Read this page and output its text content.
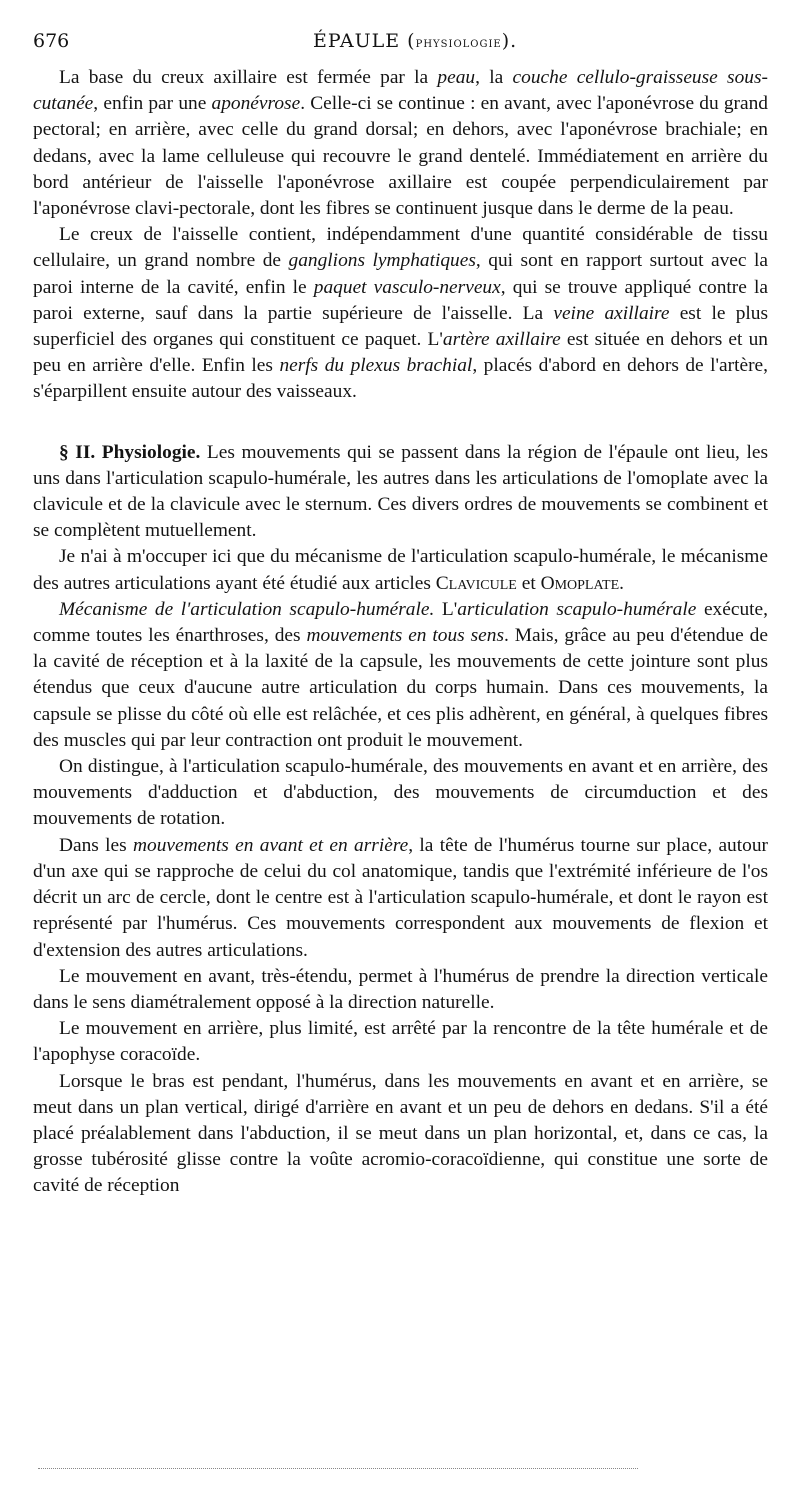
676	ÉPAULE (physiologie).

La base du creux axillaire est fermée par la peau, la couche cellulo-graisseuse sous-cutanée, enfin par une aponévrose. Celle-ci se continue : en avant, avec l'aponévrose du grand pectoral; en arrière, avec celle du grand dorsal; en dehors, avec l'aponévrose brachiale; en dedans, avec la lame celluleuse qui recouvre le grand dentelé. Immédiatement en arrière du bord antérieur de l'aisselle l'aponévrose axillaire est coupée perpendiculairement par l'aponévrose clavi-pectorale, dont les fibres se continuent jusque dans le derme de la peau.

Le creux de l'aisselle contient, indépendamment d'une quantité considérable de tissu cellulaire, un grand nombre de ganglions lymphatiques, qui sont en rapport surtout avec la paroi interne de la cavité, enfin le paquet vasculo-nerveux, qui se trouve appliqué contre la paroi externe, sauf dans la partie supérieure de l'aisselle. La veine axillaire est le plus superficiel des organes qui constituent ce paquet. L'artère axillaire est située en dehors et un peu en arrière d'elle. Enfin les nerfs du plexus brachial, placés d'abord en dehors de l'artère, s'éparpillent ensuite autour des vaisseaux.

§ II. Physiologie. Les mouvements qui se passent dans la région de l'épaule ont lieu, les uns dans l'articulation scapulo-humérale, les autres dans les articulations de l'omoplate avec la clavicule et de la clavicule avec le sternum. Ces divers ordres de mouvements se combinent et se complètent mutuellement.

Je n'ai à m'occuper ici que du mécanisme de l'articulation scapulo-humérale, le mécanisme des autres articulations ayant été étudié aux articles Clavicule et Omoplate.

Mécanisme de l'articulation scapulo-humérale. L'articulation scapulo-humérale exécute, comme toutes les énarthroses, des mouvements en tous sens. Mais, grâce au peu d'étendue de la cavité de réception et à la laxité de la capsule, les mouvements de cette jointure sont plus étendus que ceux d'aucune autre articulation du corps humain. Dans ces mouvements, la capsule se plisse du côté où elle est relâchée, et ces plis adhèrent, en général, à quelques fibres des muscles qui par leur contraction ont produit le mouvement.

On distingue, à l'articulation scapulo-humérale, des mouvements en avant et en arrière, des mouvements d'adduction et d'abduction, des mouvements de circumduction et des mouvements de rotation.

Dans les mouvements en avant et en arrière, la tête de l'humérus tourne sur place, autour d'un axe qui se rapproche de celui du col anatomique, tandis que l'extrémité inférieure de l'os décrit un arc de cercle, dont le centre est à l'articulation scapulo-humérale, et dont le rayon est représenté par l'humérus. Ces mouvements correspondent aux mouvements de flexion et d'extension des autres articulations.

Le mouvement en avant, très-étendu, permet à l'humérus de prendre la direction verticale dans le sens diamétralement opposé à la direction naturelle.

Le mouvement en arrière, plus limité, est arrêté par la rencontre de la tête humérale et de l'apophyse coracoïde.

Lorsque le bras est pendant, l'humérus, dans les mouvements en avant et en arrière, se meut dans un plan vertical, dirigé d'arrière en avant et un peu de dehors en dedans. S'il a été placé préalablement dans l'abduction, il se meut dans un plan horizontal, et, dans ce cas, la grosse tubérosité glisse contre la voûte acromio-coracoïdienne, qui constitue une sorte de cavité de réception
